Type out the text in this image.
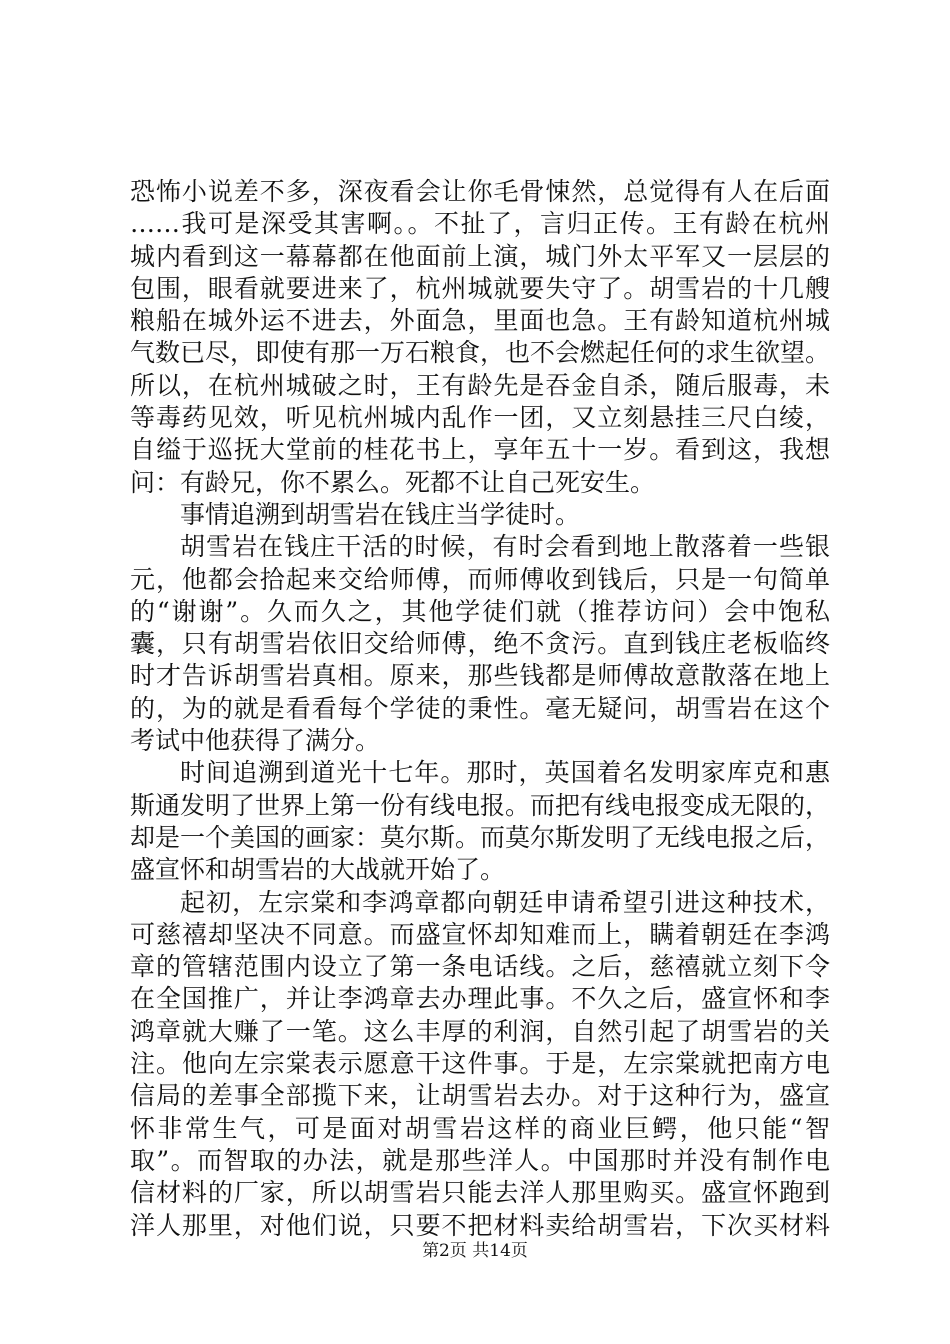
恐怖小说差不多，深夜看会让你毛骨悚然，总觉得有人在后面
……我可是深受其害啊。。不扯了，言归正传。王有龄在杭州
城内看到这一幕幕都在他面前上演，城门外太平军又一层层的
包围，眼看就要进来了，杭州城就要失守了。胡雪岩的十几艘
粮船在城外运不进去，外面急，里面也急。王有龄知道杭州城
气数已尽，即使有那一万石粮食，也不会燃起任何的求生欲望。
所以，在杭州城破之时，王有龄先是吞金自杀，随后服毒，未
等毒药见效，听见杭州城内乱作一团，又立刻悬挂三尺白绫，
自缢于巡抚大堂前的桂花书上，享年五十一岁。看到这，我想
问：有龄兄，你不累么。死都不让自己死安生。
事情追溯到胡雪岩在钱庄当学徒时。
胡雪岩在钱庄干活的时候，有时会看到地上散落着一些银
元，他都会拾起来交给师傅，而师傅收到钱后，只是一句简单
的“谢谢”。久而久之，其他学徒们就（推荐访问）会中饱私
囊，只有胡雪岩依旧交给师傅，绝不贪污。直到钱庄老板临终
时才告诉胡雪岩真相。原来，那些钱都是师傅故意散落在地上
的，为的就是看看每个学徒的秉性。毫无疑问，胡雪岩在这个
考试中他获得了满分。
时间追溯到道光十七年。那时，英国着名发明家库克和惠
斯通发明了世界上第一份有线电报。而把有线电报变成无限的，
却是一个美国的画家：莫尔斯。而莫尔斯发明了无线电报之后，
盛宣怀和胡雪岩的大战就开始了。
起初，左宗棠和李鸿章都向朝廷申请希望引进这种技术，
可慈禧却坚决不同意。而盛宣怀却知难而上，瞒着朝廷在李鸿
章的管辖范围内设立了第一条电话线。之后，慈禧就立刻下令
在全国推广，并让李鸿章去办理此事。不久之后，盛宣怀和李
鸿章就大赚了一笔。这么丰厚的利润，自然引起了胡雪岩的关
注。他向左宗棠表示愿意干这件事。于是，左宗棠就把南方电
信局的差事全部揽下来，让胡雪岩去办。对于这种行为，盛宣
怀非常生气，可是面对胡雪岩这样的商业巨鳄，他只能“智
取”。而智取的办法，就是那些洋人。中国那时并没有制作电
信材料的厂家，所以胡雪岩只能去洋人那里购买。盛宣怀跑到
洋人那里，对他们说，只要不把材料卖给胡雪岩，下次买材料
第2页 共14页
